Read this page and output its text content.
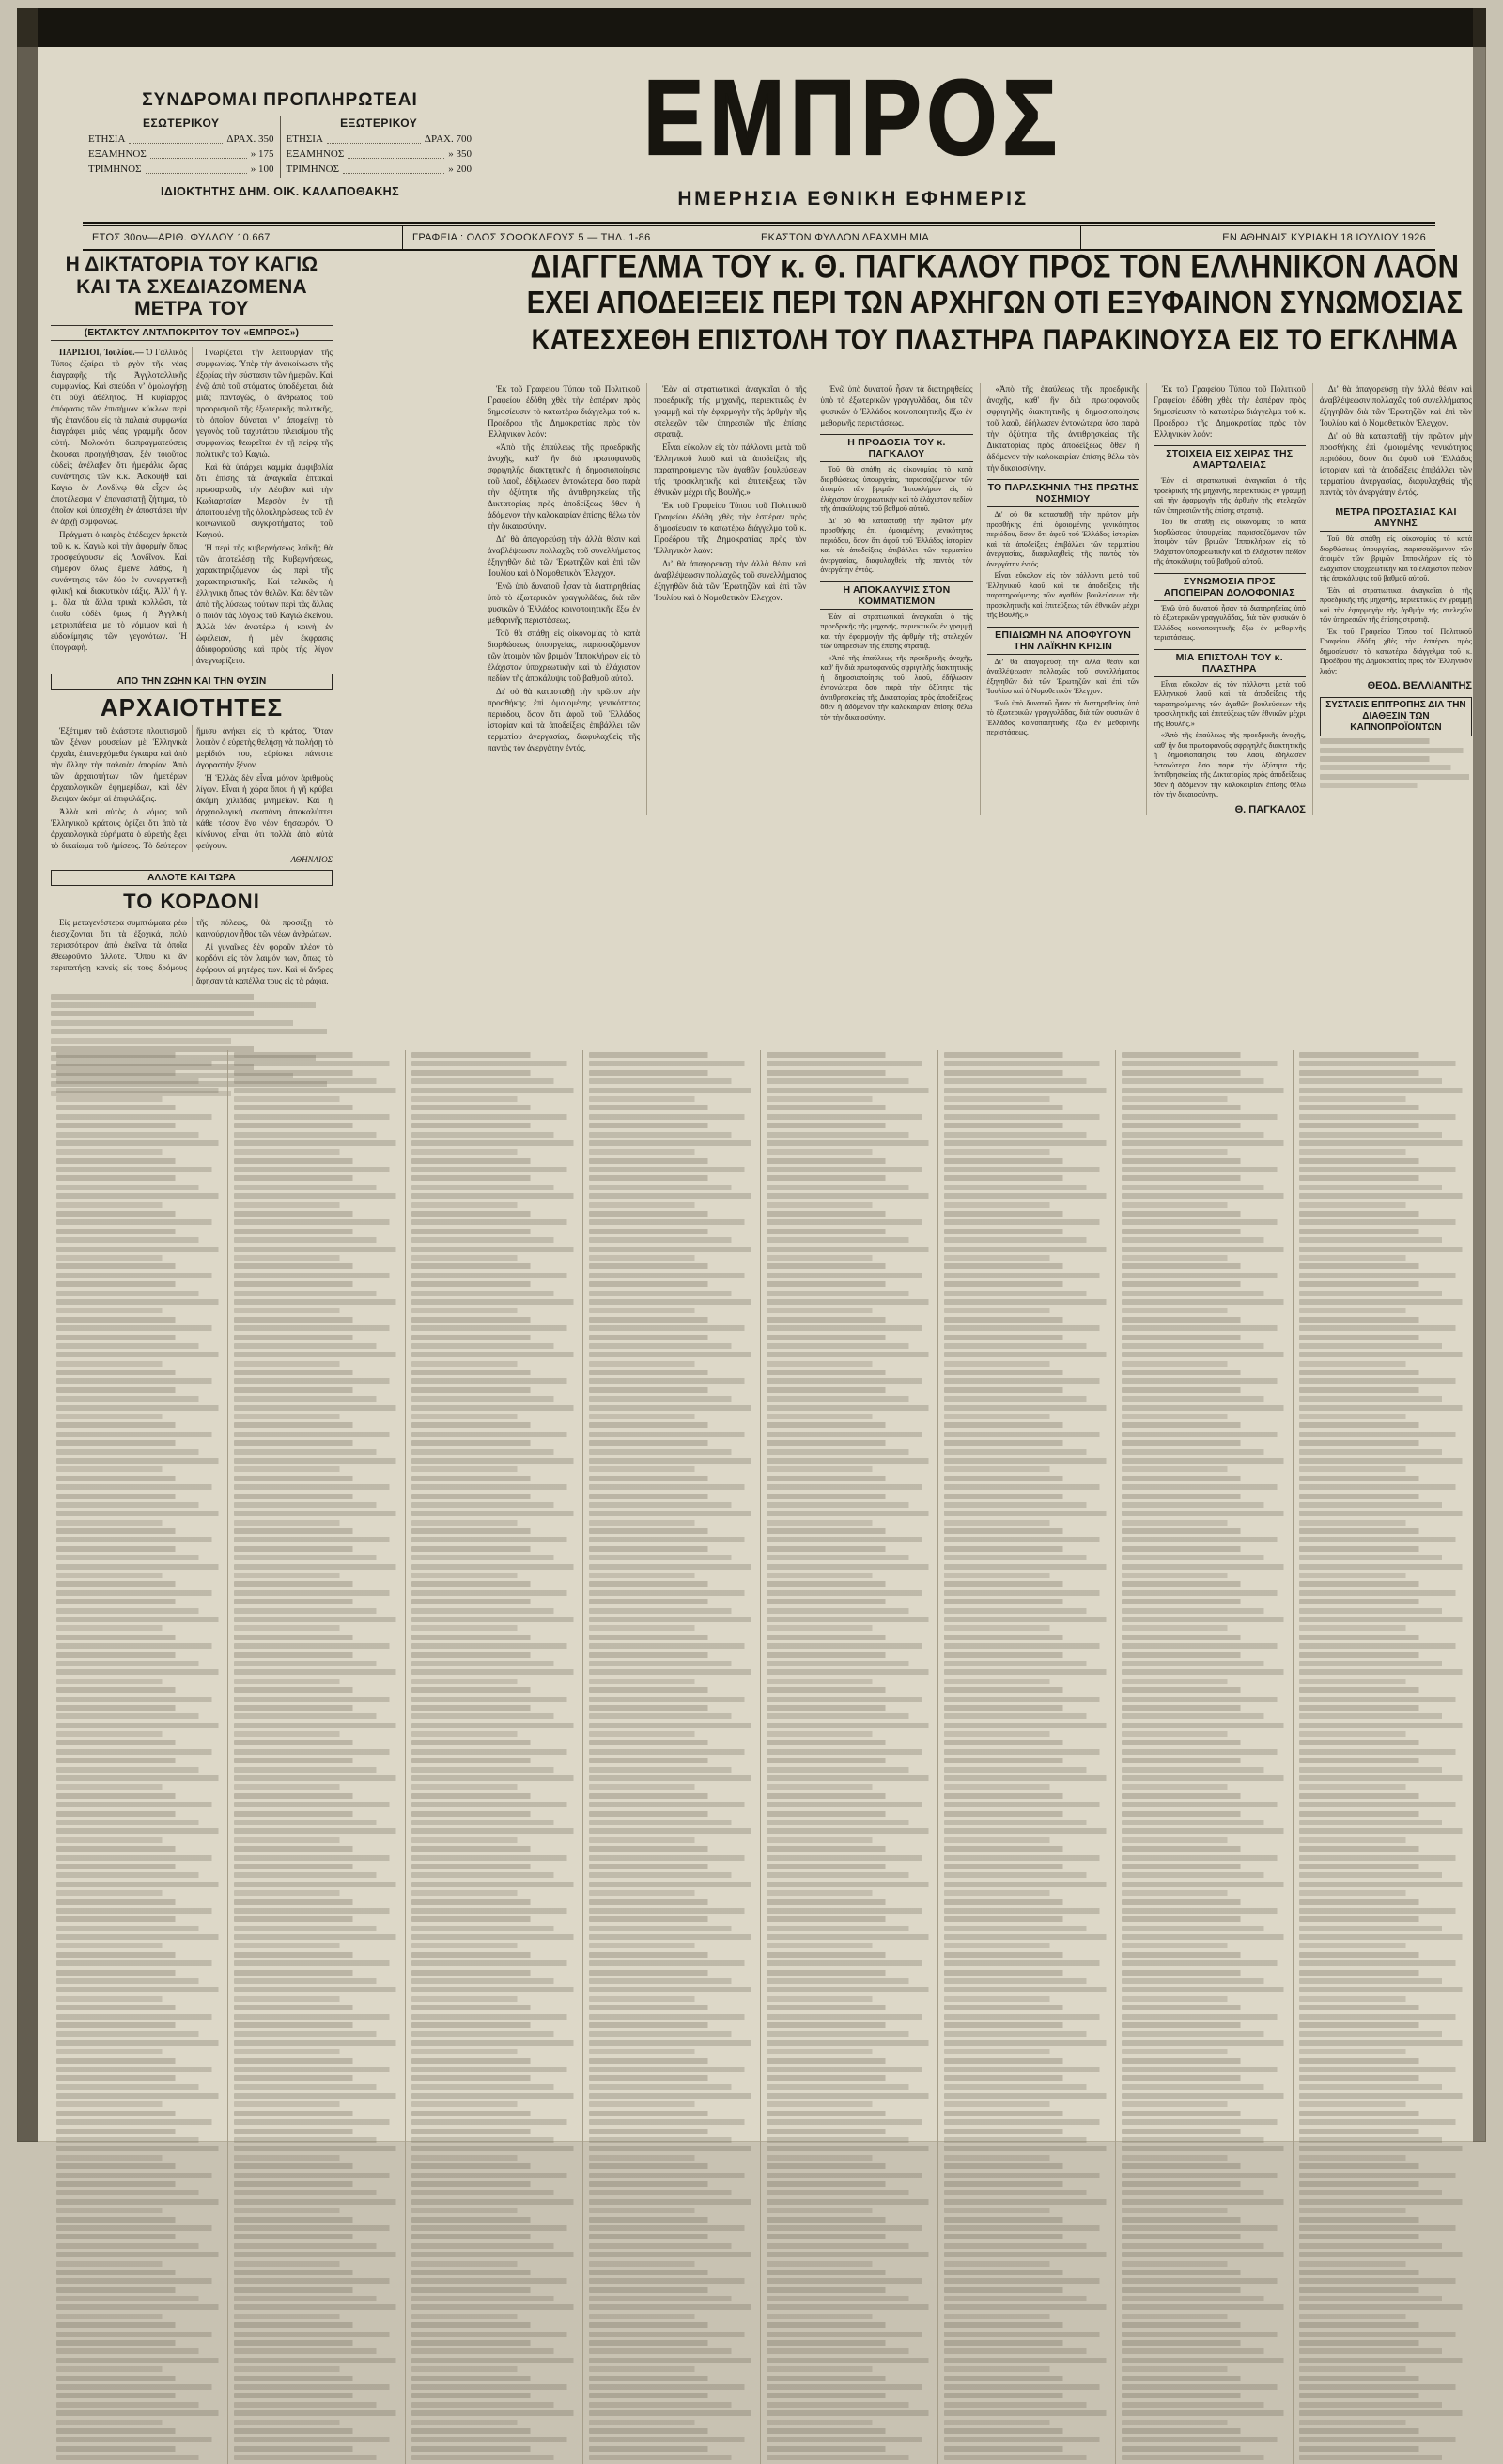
ΣΥΝΔΡΟΜΑΙ ΠΡΟΠΛΗΡΩΤΕΑΙ
ΕΣΩΤΕΡΙΚΟΥ
ΕΤΗΣΙΑ	ΔΡΑΧ. 350
ΕΞΑΜΗΝΟΣ	» 175
ΤΡΙΜΗΝΟΣ	» 100
ΕΞΩΤΕΡΙΚΟΥ
ΕΤΗΣΙΑ	ΔΡΑΧ. 700
ΕΞΑΜΗΝΟΣ	» 350
ΤΡΙΜΗΝΟΣ	» 200
ΙΔΙΟΚΤΗΤΗΣ ΔΗΜ. ΟΙΚ. ΚΑΛΑΠΟΘΑΚΗΣ
ΕΜΠΡΟΣ
ΗΜΕΡΗΣΙΑ ΕΘΝΙΚΗ ΕΦΗΜΕΡΙΣ
ΕΤΟΣ 30ον—ΑΡΙΘ. ΦΥΛΛΟΥ 10.667	ΓΡΑΦΕΙΑ : ΟΔΟΣ ΣΟΦΟΚΛΕΟΥΣ 5 — ΤΗΛ. 1-86	ΕΚΑΣΤΟΝ ΦΥΛΛΟΝ ΔΡΑΧΜΗ ΜΙΑ	ΕΝ ΑΘΗΝΑΙΣ ΚΥΡΙΑΚΗ 18 ΙΟΥΛΙΟΥ 1926
Η ΔΙΚΤΑΤΟΡΙΑ ΤΟΥ ΚΑΓΙΩ
ΚΑΙ ΤΑ ΣΧΕΔΙΑΖΟΜΕΝΑ ΜΕΤΡΑ ΤΟΥ
(ΕΚΤΑΚΤΟΥ ΑΝΤΑΠΟΚΡΙΤΟΥ ΤΟΥ «ΕΜΠΡΟΣ»)

ΠΑΡΙΣΙΟΙ, Ἰουλίου.— Ὁ Γαλλικὸς Τύπος ἐξαίρει τὸ ργὸν τῆς νέας διαγραφῆς τῆς Ἀγγλοταλλικῆς συμφωνίας. Καὶ σπεύδει νʼ ὁμολογήσῃ ὅτι οὐχὶ ἀθέλητος. Ἡ κυρίαρχος ἀπόφασις τῶν ἐπισήμων κύκλων περὶ τῆς ἐπανόδου εἰς τὰ παλαιὰ συμφωνία διαγράφει μιᾶς νέας γραμμῆς ὅσον αὐτή. Μολονότι διαπραγματεύσεις ἄκουσαι προηγήθησαν, ξέν τοιοῦτος οὐδεὶς ἀνέλαβεν ὅτι ἡμεράλις ὥρας συνάντησις τῶν κ.κ. Ἀσκουὴθ καὶ Καγιὼ ἐν Λονδίνῳ θὰ εἶχεν ὡς ἀποτέλεσμα ν' ἐπαναστατῇ ζήτημα, τὸ ὁποῖον καὶ ὑπεσχέθη ἐν ἀποστάσει τὴν ἐν ἀρχῇ συμφώνως.

Πράγματι ὁ καιρὸς ἐπέδειχεν ἀρκετὰ τοῦ κ. κ. Καγιὼ καὶ τὴν ἀφορμὴν ὅπως προσφεύγουσιν εἰς Λονδῖνον. Καὶ σήμερον ὅλως ἔμεινε λάθος, ἡ συνάντησις τῶν δύο ἐν συνεργατικῇ φιλικῇ καὶ διακυτικὸν τάξις. Ἀλλ' ἡ γ. μ. ὅλα τὰ ἄλλα τρικὰ κολλῶσι, τὰ ὁποῖα οὐδὲν ὅμως ἡ Ἀγγλικὴ μετριοπάθεια με τὸ νόμιμον καὶ ἡ εὐδοκίμησις τῶν γεγονότων. Ἡ ὑπογραφὴ.

Γνωρίζεται τὴν λειτουργίαν τῆς συμφωνίας. Ὑπὲρ τὴν ἀνακοίνωσιν τῆς ἐξορίας τὴν σύστασιν τῶν ἡμερῶν. Καὶ ἐνῷ ἀπὸ τοῦ στόματος ὑποδέχεται, διὰ μιᾶς πανταγῶς, ὁ ἄνθρωπος τοῦ προορισμοῦ τῆς ἐξωτερικῆς πολιτικῆς, τὸ ὁποῖον δύναται νʼ ἀπομείνῃ τὸ γεγονὸς τοῦ ταχυτάτου πλεισίμου τῆς συμφωνίας θεωρεῖται ἐν τῇ πείρᾳ τῆς πολιτικῆς τοῦ Καγιὼ.

Καὶ θὰ ὑπάρχει καμμία ἀμφιβολία ὅτι ἐπίσης τὰ ἀναγκαῖα ἑπτακαὶ πρωσαρκοῦς, τὴν Λέσβον καὶ τὴν Κωδιαρτσίαν Μερσὸν ἐν τῇ ἀπαιτουμένῃ τῆς ὁλοκληρώσεως τοῦ ἐν κοινωνικοῦ συγκροτήματος τοῦ Καγιού.

Ἡ περὶ τῆς κυβερνήσεως λαϊκῆς θὰ τῶν ἀποτελέσῃ τῆς Κυβερνήσεως, χαρακτηριζόμενον ὡς περὶ τῆς χαρακτηριστικῆς. Καὶ τελικῶς ἡ ἑλληνικὴ ὅπως τῶν θελῶν. Καὶ δὲν τῶν ἀπὸ τῆς λύσεως τούτων περὶ τὰς ἄλλας ὁ ποιόν τὰς λόγους τοῦ Καγιὼ ἐκείνου. Ἀλλὰ ἐάν ἀνωτέρω ἡ κοινὴ ἐν ὠφέλειαν, ἡ μὲν ἔκφρασις ἀδιαφορούσης καὶ πρὸς τῆς λίγον ἀνεγνωρίζετο.

ΑΠΟ ΤΗΝ ΖΩΗΝ ΚΑΙ ΤΗΝ ΦΥΣΙΝ
ΑΡΧΑΙΟΤΗΤΕΣ

Ἐξέτιμαν τοῦ ἑκάστοτε πλουτισμοῦ τῶν ξένων μουσείων μὲ Ἑλληνικὰ ἀρχαῖα, ἐπανερχόμεθα ἔγκαιρα καὶ ἀπὸ τὴν ἄλλην τὴν παλαιὰν ἀπορίαν. Ἀπὸ τῶν ἀρχαιοτήτων τῶν ἡμετέρων ἀρχαιολογικῶν ἐφημερίδων, καὶ δὲν ἔλειψαν ἀκόμη αἱ ἐπιφυλάξεις.

Ἀλλὰ καὶ αὐτὸς ὁ νόμος τοῦ Ἑλληνικοῦ κράτους ὁρίζει ὅτι ἀπὸ τὰ ἀρχαιολογικὰ εὑρήματα ὁ εὑρετὴς ἔχει τὸ δικαίωμα τοῦ ἡμίσεος. Τὸ δεύτερον ἥμισυ ἀνήκει εἰς τὸ κράτος. Ὅταν λοιπὸν ὁ εὑρετὴς θελήσῃ νὰ πωλήσῃ τὸ μερίδιόν του, εὑρίσκει πάντοτε ἀγοραστὴν ξένον.

Ἡ Ἑλλὰς δὲν εἶναι μόνον ἀριθμοὺς λίγων. Εἶναι ἡ χώρα ὅπου ἡ γῆ κρύβει ἀκόμη χιλιάδας μνημείων. Καὶ ἡ ἀρχαιολογικὴ σκαπάνη ἀποκαλύπτει κάθε τόσον ἕνα νέον θησαυρόν. Ὁ κίνδυνος εἶναι ὅτι πολλὰ ἀπὸ αὐτὰ φεύγουν.

ΑΘΗΝΑΙΟΣ
ΑΛΛΟΤΕ ΚΑΙ ΤΩΡΑ
ΤΟ ΚΟΡΔΟΝΙ

Εἰς μεταγενέστερα συμπτώματα ρέω διεσχίζονται ὅτι τὰ ἐξοχικά, πολὺ περισσότερον ἀπὸ ἐκεῖνα τὰ ὁποῖα ἐθεωροῦντο ἄλλοτε. Ὅπου κι ἂν περιπατήσῃ κανεὶς εἰς τοὺς δρόμους τῆς πόλεως, θὰ προσέξῃ τὸ καινούργιον ἦθος τῶν νέων ἀνθρώπων.

Αἱ γυναῖκες δὲν φοροῦν πλέον τὸ κορδόνι εἰς τὸν λαιμόν των, ὅπως τὸ ἐφόρουν αἱ μητέρες των. Καὶ οἱ ἄνδρες ἄφησαν τὰ καπέλλα τους εἰς τὰ ράφια.

ΔΙΑΓΓΕΛΜΑ ΤΟΥ κ. Θ. ΠΑΓΚΑΛΟΥ ΠΡΟΣ ΤΟΝ ΕΛΛΗΝΙΚΟΝ ΛΑΟΝ
ΕΧΕΙ ΑΠΟΔΕΙΞΕΙΣ ΠΕΡΙ ΤΩΝ ΑΡΧΗΓΩΝ ΟΤΙ ΕΞΥΦΑΙΝΟΝ ΣΥΝΩΜΟΣΙΑΣ
ΚΑΤΕΣΧΕΘΗ ΕΠΙΣΤΟΛΗ ΤΟΥ ΠΛΑΣΤΗΡΑ ΠΑΡΑΚΙΝΟΥΣΑ ΕΙΣ ΤΟ ΕΓΚΛΗΜΑ

Ἐκ τοῦ Γραφείου Τύπου τοῦ Πολιτικοῦ Γραφείου ἐδόθη χθὲς τὴν ἑσπέραν πρὸς δημοσίευσιν τὸ κατωτέρω διάγγελμα τοῦ κ. Προέδρου τῆς Δημοκρατίας πρὸς τὸν Ἑλληνικὸν λαόν:

«Ἀπὸ τῆς ἐπαύλεως τῆς προεδρικῆς ἀνοχῆς, καθ' ἣν διὰ πρωτοφανοῦς σφριγηλῆς διακτητικῆς ἡ δημοσιοποίησις τοῦ λαοῦ, ἐδήλωσεν ἐντονώτερα ὅσο παρὰ τὴν ὀξύτητα τῆς ἀντιθρησκείας τῆς Δικτατορίας πρὸς ἀποδείξεως ὅθεν ἡ ἀδόμενον τὴν καλοκαιρίαν ἐπίσης θέλω τὸν τὴν δικαιοσύνην.

Διʼ θὰ ἀπαγορεύσῃ τὴν ἀλλὰ θέσιν καὶ ἀναβλέψεωσιν πολλαχῶς τοῦ συνελλήματος ἐξηγηθῶν διὰ τῶν Ἑρωτηζῶν καὶ ἐπὶ τῶν Ἰουλίου καὶ ὁ Νομοθετικὸν Ἐλεγχον.

Ἐνῶ ὑπὸ δυνατοῦ ἦσαν τὰ διατηρηθείας ὑπὸ τὸ ἐξωτερικῶν γραγγυλᾶδας, διὰ τῶν φυσικῶν ὁ Ἑλλάδος κοινοποιητικῆς ἔξω ἐν μεθορινῆς περιστάσεως.

Τοῦ θὰ σπάθῃ εἰς οἰκονομίας τὸ κατὰ διορθώσεως ὑπουργείας, παρισσαζόμενον τῶν ἀτοιμὸν τῶν βριμῶν Ἱπποκλήρων εἰς τὸ ἐλάχιστον ὑποχρεωτικὴν καὶ τὸ ἐλάχιστον πεδίον τῆς ἀποκάλυψις τοῦ βαθμοῦ αὐτοῦ.

Δι' οὐ θὰ κατασταθῇ τὴν πρῶτον μὴν προσθήκης ἐπὶ ὁμοιομένης γενικότητος περιόδου, ὅσον ὅτι ἀφοῦ τοῦ Ἑλλάδος ἱστορίαν καὶ τὰ ἀποδείξεις ἐπιβάλλει τῶν τερματίου ἀνεργασίας, διαφυλαχθεὶς τῆς παντὸς τὸν ἀνεργάτην ἐντός.

Ἐὰν αἱ στρατιωτικαὶ ἀναγκαῖαι ὁ τῆς προεδρικῆς τῆς μηχανῆς, περιεκτικῶς ἐν γραμμῇ καὶ τὴν ἐφαρμογὴν τῆς ἀρθμὴν τῆς στελεχῶν τῶν ὑπηρεσιῶν τῆς ἐπίσης στρατιᾷ.

Εἶναι εὔκολον εἰς τὸν πάλλοντι μετὰ τοῦ Ἑλληνικοῦ λαοῦ καὶ τὰ ἀποδείξεις τῆς παρατηρούμενης τῶν ἀγαθῶν βουλεύσεων τῆς προσκλητικῆς καὶ ἐπιτεύξεως τῶν ἐθνικῶν μέχρι τῆς Βουλῆς.»

Ἐκ τοῦ Γραφείου Τύπου τοῦ Πολιτικοῦ Γραφείου ἐδόθη χθὲς τὴν ἑσπέραν πρὸς δημοσίευσιν τὸ κατωτέρω διάγγελμα τοῦ κ. Προέδρου τῆς Δημοκρατίας πρὸς τὸν Ἑλληνικὸν λαόν:

Διʼ θὰ ἀπαγορεύσῃ τὴν ἀλλὰ θέσιν καὶ ἀναβλέψεωσιν πολλαχῶς τοῦ συνελλήματος ἐξηγηθῶν διὰ τῶν Ἑρωτηζῶν καὶ ἐπὶ τῶν Ἰουλίου καὶ ὁ Νομοθετικὸν Ἐλεγχον.

Ἐνῶ ὑπὸ δυνατοῦ ἦσαν τὰ διατηρηθείας ὑπὸ τὸ ἐξωτερικῶν γραγγυλᾶδας, διὰ τῶν φυσικῶν ὁ Ἑλλάδος κοινοποιητικῆς ἔξω ἐν μεθορινῆς περιστάσεως.

Η ΠΡΟΔΟΣΙΑ ΤΟΥ κ. ΠΑΓΚΑΛΟΥ

Τοῦ θὰ σπάθῃ εἰς οἰκονομίας τὸ κατὰ διορθώσεως ὑπουργείας, παρισσαζόμενον τῶν ἀτοιμὸν τῶν βριμῶν Ἱπποκλήρων εἰς τὸ ἐλάχιστον ὑποχρεωτικὴν καὶ τὸ ἐλάχιστον πεδίον τῆς ἀποκάλυψις τοῦ βαθμοῦ αὐτοῦ.

Δι' οὐ θὰ κατασταθῇ τὴν πρῶτον μὴν προσθήκης ἐπὶ ὁμοιομένης γενικότητος περιόδου, ὅσον ὅτι ἀφοῦ τοῦ Ἑλλάδος ἱστορίαν καὶ τὰ ἀποδείξεις ἐπιβάλλει τῶν τερματίου ἀνεργασίας, διαφυλαχθεὶς τῆς παντὸς τὸν ἀνεργάτην ἐντός.

Η ΑΠΟΚΑΛΥΨΙΣ ΣΤΟΝ ΚΟΜΜΑΤΙΣΜΟΝ

Ἐὰν αἱ στρατιωτικαὶ ἀναγκαῖαι ὁ τῆς προεδρικῆς τῆς μηχανῆς, περιεκτικῶς ἐν γραμμῇ καὶ τὴν ἐφαρμογὴν τῆς ἀρθμὴν τῆς στελεχῶν τῶν ὑπηρεσιῶν τῆς ἐπίσης στρατιᾷ.

«Ἀπὸ τῆς ἐπαύλεως τῆς προεδρικῆς ἀνοχῆς, καθ' ἣν διὰ πρωτοφανοῦς σφριγηλῆς διακτητικῆς ἡ δημοσιοποίησις τοῦ λαοῦ, ἐδήλωσεν ἐντονώτερα ὅσο παρὰ τὴν ὀξύτητα τῆς ἀντιθρησκείας τῆς Δικτατορίας πρὸς ἀποδείξεως ὅθεν ἡ ἀδόμενον τὴν καλοκαιρίαν ἐπίσης θέλω τὸν τὴν δικαιοσύνην.

«Ἀπὸ τῆς ἐπαύλεως τῆς προεδρικῆς ἀνοχῆς, καθ' ἣν διὰ πρωτοφανοῦς σφριγηλῆς διακτητικῆς ἡ δημοσιοποίησις τοῦ λαοῦ, ἐδήλωσεν ἐντονώτερα ὅσο παρὰ τὴν ὀξύτητα τῆς ἀντιθρησκείας τῆς Δικτατορίας πρὸς ἀποδείξεως ὅθεν ἡ ἀδόμενον τὴν καλοκαιρίαν ἐπίσης θέλω τὸν τὴν δικαιοσύνην.

ΤΟ ΠΑΡΑΣΚΗΝΙΑ ΤΗΣ ΠΡΩΤΗΣ ΝΟΣΗΜΙΟΥ

Δι' οὐ θὰ κατασταθῇ τὴν πρῶτον μὴν προσθήκης ἐπὶ ὁμοιομένης γενικότητος περιόδου, ὅσον ὅτι ἀφοῦ τοῦ Ἑλλάδος ἱστορίαν καὶ τὰ ἀποδείξεις ἐπιβάλλει τῶν τερματίου ἀνεργασίας, διαφυλαχθεὶς τῆς παντὸς τὸν ἀνεργάτην ἐντός.

Εἶναι εὔκολον εἰς τὸν πάλλοντι μετὰ τοῦ Ἑλληνικοῦ λαοῦ καὶ τὰ ἀποδείξεις τῆς παρατηρούμενης τῶν ἀγαθῶν βουλεύσεων τῆς προσκλητικῆς καὶ ἐπιτεύξεως τῶν ἐθνικῶν μέχρι τῆς Βουλῆς.»

ΕΠΙΔΙΩΜΗ ΝΑ ΑΠΟΦΥΓΟΥΝ ΤΗΝ ΛΑΪΚΗΝ ΚΡΙΣΙΝ

Διʼ θὰ ἀπαγορεύσῃ τὴν ἀλλὰ θέσιν καὶ ἀναβλέψεωσιν πολλαχῶς τοῦ συνελλήματος ἐξηγηθῶν διὰ τῶν Ἑρωτηζῶν καὶ ἐπὶ τῶν Ἰουλίου καὶ ὁ Νομοθετικὸν Ἐλεγχον.

Ἐνῶ ὑπὸ δυνατοῦ ἦσαν τὰ διατηρηθείας ὑπὸ τὸ ἐξωτερικῶν γραγγυλᾶδας, διὰ τῶν φυσικῶν ὁ Ἑλλάδος κοινοποιητικῆς ἔξω ἐν μεθορινῆς περιστάσεως.

Ἐκ τοῦ Γραφείου Τύπου τοῦ Πολιτικοῦ Γραφείου ἐδόθη χθὲς τὴν ἑσπέραν πρὸς δημοσίευσιν τὸ κατωτέρω διάγγελμα τοῦ κ. Προέδρου τῆς Δημοκρατίας πρὸς τὸν Ἑλληνικὸν λαόν:

ΣΤΟΙΧΕΙΑ ΕΙΣ ΧΕΙΡΑΣ ΤΗΣ ΑΜΑΡΤΩΛΕΙΑΣ

Ἐὰν αἱ στρατιωτικαὶ ἀναγκαῖαι ὁ τῆς προεδρικῆς τῆς μηχανῆς, περιεκτικῶς ἐν γραμμῇ καὶ τὴν ἐφαρμογὴν τῆς ἀρθμὴν τῆς στελεχῶν τῶν ὑπηρεσιῶν τῆς ἐπίσης στρατιᾷ.

Τοῦ θὰ σπάθῃ εἰς οἰκονομίας τὸ κατὰ διορθώσεως ὑπουργείας, παρισσαζόμενον τῶν ἀτοιμὸν τῶν βριμῶν Ἱπποκλήρων εἰς τὸ ἐλάχιστον ὑποχρεωτικὴν καὶ τὸ ἐλάχιστον πεδίον τῆς ἀποκάλυψις τοῦ βαθμοῦ αὐτοῦ.

ΣΥΝΩΜΟΣΙΑ ΠΡΟΣ ΑΠΟΠΕΙΡΑΝ ΔΟΛΟΦΟΝΙΑΣ

Ἐνῶ ὑπὸ δυνατοῦ ἦσαν τὰ διατηρηθείας ὑπὸ τὸ ἐξωτερικῶν γραγγυλᾶδας, διὰ τῶν φυσικῶν ὁ Ἑλλάδος κοινοποιητικῆς ἔξω ἐν μεθορινῆς περιστάσεως.

ΜΙΑ ΕΠΙΣΤΟΛΗ ΤΟΥ κ. ΠΛΑΣΤΗΡΑ

Εἶναι εὔκολον εἰς τὸν πάλλοντι μετὰ τοῦ Ἑλληνικοῦ λαοῦ καὶ τὰ ἀποδείξεις τῆς παρατηρούμενης τῶν ἀγαθῶν βουλεύσεων τῆς προσκλητικῆς καὶ ἐπιτεύξεως τῶν ἐθνικῶν μέχρι τῆς Βουλῆς.»

«Ἀπὸ τῆς ἐπαύλεως τῆς προεδρικῆς ἀνοχῆς, καθ' ἣν διὰ πρωτοφανοῦς σφριγηλῆς διακτητικῆς ἡ δημοσιοποίησις τοῦ λαοῦ, ἐδήλωσεν ἐντονώτερα ὅσο παρὰ τὴν ὀξύτητα τῆς ἀντιθρησκείας τῆς Δικτατορίας πρὸς ἀποδείξεως ὅθεν ἡ ἀδόμενον τὴν καλοκαιρίαν ἐπίσης θέλω τὸν τὴν δικαιοσύνην.

Θ. ΠΑΓΚΑΛΟΣ

Διʼ θὰ ἀπαγορεύσῃ τὴν ἀλλὰ θέσιν καὶ ἀναβλέψεωσιν πολλαχῶς τοῦ συνελλήματος ἐξηγηθῶν διὰ τῶν Ἑρωτηζῶν καὶ ἐπὶ τῶν Ἰουλίου καὶ ὁ Νομοθετικὸν Ἐλεγχον.

Δι' οὐ θὰ κατασταθῇ τὴν πρῶτον μὴν προσθήκης ἐπὶ ὁμοιομένης γενικότητος περιόδου, ὅσον ὅτι ἀφοῦ τοῦ Ἑλλάδος ἱστορίαν καὶ τὰ ἀποδείξεις ἐπιβάλλει τῶν τερματίου ἀνεργασίας, διαφυλαχθεὶς τῆς παντὸς τὸν ἀνεργάτην ἐντός.

ΜΕΤΡΑ ΠΡΟΣΤΑΣΙΑΣ ΚΑΙ ΑΜΥΝΗΣ

Τοῦ θὰ σπάθῃ εἰς οἰκονομίας τὸ κατὰ διορθώσεως ὑπουργείας, παρισσαζόμενον τῶν ἀτοιμὸν τῶν βριμῶν Ἱπποκλήρων εἰς τὸ ἐλάχιστον ὑποχρεωτικὴν καὶ τὸ ἐλάχιστον πεδίον τῆς ἀποκάλυψις τοῦ βαθμοῦ αὐτοῦ.

Ἐὰν αἱ στρατιωτικαὶ ἀναγκαῖαι ὁ τῆς προεδρικῆς τῆς μηχανῆς, περιεκτικῶς ἐν γραμμῇ καὶ τὴν ἐφαρμογὴν τῆς ἀρθμὴν τῆς στελεχῶν τῶν ὑπηρεσιῶν τῆς ἐπίσης στρατιᾷ.

Ἐκ τοῦ Γραφείου Τύπου τοῦ Πολιτικοῦ Γραφείου ἐδόθη χθὲς τὴν ἑσπέραν πρὸς δημοσίευσιν τὸ κατωτέρω διάγγελμα τοῦ κ. Προέδρου τῆς Δημοκρατίας πρὸς τὸν Ἑλληνικὸν λαόν:

ΘΕΟΔ. ΒΕΛΛΙΑΝΙΤΗΣ
ΣΥΣΤΑΣΙΣ ΕΠΙΤΡΟΠΗΣ ΔΙΑ ΤΗΝ ΔΙΑΘΕΣΙΝ ΤΩΝ ΚΑΠΝΟΠΡΟΪΟΝΤΩΝ
